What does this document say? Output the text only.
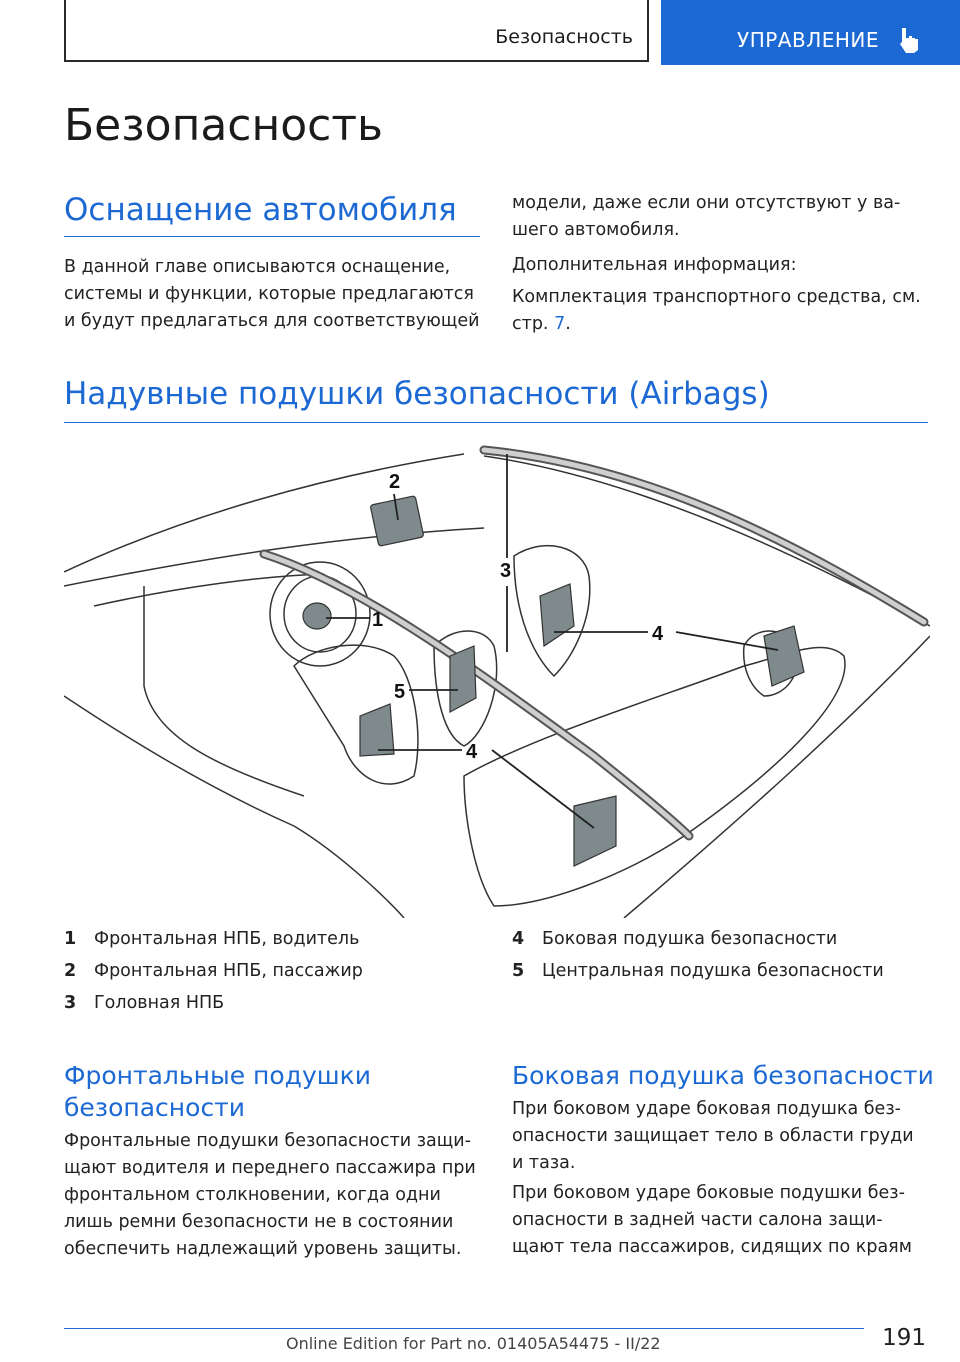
Безопасность	УПРАВЛЕНИЕ
Безопасность
Оснащение автомобиля
В данной главе описываются оснащение,
системы и функции, которые предлагаются
и будут предлагаться для соответствующей
модели, даже если они отсутствуют у ва-
шего автомобиля.
Дополнительная информация:
Комплектация транспортного средства, см.
стр. 7.
Надувные подушки безопасности (Airbags)
1
2
3
4
4
5
1 Фронтальная НПБ, водитель
2 Фронтальная НПБ, пассажир
3 Головная НПБ
4 Боковая подушка безопасности
5 Центральная подушка безопасности
Фронтальные подушки
безопасности
Фронтальные подушки безопасности защи-
щают водителя и переднего пассажира при
фронтальном столкновении, когда одни
лишь ремни безопасности не в состоянии
обеспечить надлежащий уровень защиты.
Боковая подушка безопасности
При боковом ударе боковая подушка без-
опасности защищает тело в области груди
и таза.
При боковом ударе боковые подушки без-
опасности в задней части салона защи-
щают тела пассажиров, сидящих по краям
191
Online Edition for Part no. 01405A54475 - II/22
